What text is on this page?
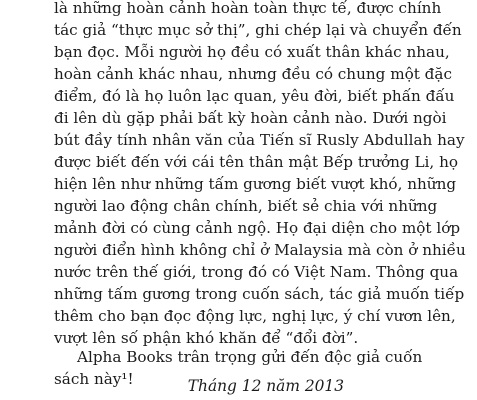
là những hoàn cảnh hoàn toàn thực tế, được chính
tác giả “thực mục sở thị”, ghi chép lại và chuyển đến
bạn đọc. Mỗi người họ đều có xuất thân khác nhau,
hoàn cảnh khác nhau, nhưng đều có chung một đặc
điểm, đó là họ luôn lạc quan, yêu đời, biết phấn đấu
đi lên dù gặp phải bất kỳ hoàn cảnh nào. Dưới ngòi
bút đầy tính nhân văn của Tiến sĩ Rusly Abdullah hay
được biết đến với cái tên thân mật Bếp trưởng Li, họ
hiện lên như những tấm gương biết vượt khó, những
người lao động chân chính, biết sẻ chia với những
mảnh đời có cùng cảnh ngộ. Họ đại diện cho một lớp
người điển hình không chỉ ở Malaysia mà còn ở nhiều
nước trên thế giới, trong đó có Việt Nam. Thông qua
những tấm gương trong cuốn sách, tác giả muốn tiếp
thêm cho bạn đọc động lực, nghị lực, ý chí vươn lên,
vượt lên số phận khó khăn để “đổi đời”.
Alpha Books trân trọng gửi đến độc giả cuốn
sách này¹!	Tháng 12 năm 2013
